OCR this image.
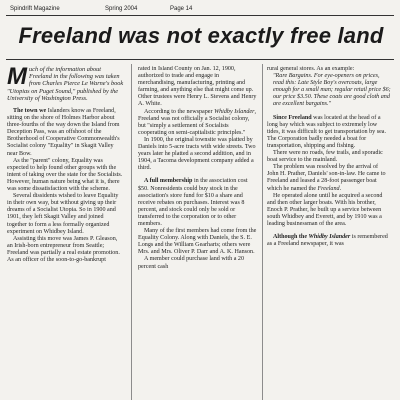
Spindrift Magazine	Spring 2004	Page 14
Freeland was not exactly free land

Much of the information about Freeland in the following was taken from Charles Pierce Le Warne's book "Utopias on Puget Sound," published by the University of Washington Press.

The town we Islanders know as Freeland, sitting on the shore of Holmes Harbor about three-fourths of the way down the Island from Deception Pass, was an offshoot of the Brotherhood of Cooperative Commonwealth's Socialist colony "Equality" in Skagit Valley near Bow.

As the "parent" colony, Equality was expected to help found other groups with the intent of taking over the state for the Socialists. However, human nature being what it is, there was some dissatisfaction with the scheme.

Several dissidents wished to leave Equality in their own way, but without giving up their dreams of a Socialist Utopia. So in 1900 and 1901, they left Skagit Valley and joined together to form a less formally organized experiment on Whidbey Island.

Assisting this move was James P. Gleason, an Irish-born entrepreneur from Seattle; Freeland was partially a real estate promotion. As an officer of the soon-to-go-bankrupt

rated in Island County on Jan. 12, 1900, authorized to trade and engage in merchandising, manufacturing, printing and farming, and anything else that might come up. Other trustees were Henry L. Stevens and Henry A. White.

According to the newspaper Whidby Islander, Freeland was not officially a Socialist colony, but "simply a settlement of Socialists cooperating on semi-capitalistic principles."

In 1900, the original townsite was platted by Daniels into 5-acre tracts with wide streets. Two years later he platted a second addition, and in 1904, a Tacoma development company added a third.

A full membership in the association cost $50. Nonresidents could buy stock in the association's store fund for $10 a share and receive rebates on purchases. Interest was 8 percent, and stock could only be sold or transferred to the corporation or to other members.

Many of the first members had come from the Equality Colony. Along with Daniels, the S. E. Longs and the William Gearharts; others were Mrs. and Mrs. Oliver P. Darr and A. K. Hanson.

A member could purchase land with a 20 percent cash

rural general stores. As an example:

"Rare Bargains. For eye-openers on prices, read this: Late Style Boy's overcoats, large enough for a small man; regular retail price $6; our price $3.50. These coats are good cloth and are excellent bargains."

Since Freeland was located at the head of a long bay which was subject to extremely low tides, it was difficult to get transportation by sea. The Corporation badly needed a boat for transportation, shipping and fishing.

There were no roads, few trails, and sporadic boat service to the mainland.

The problem was resolved by the arrival of John H. Prather, Daniels' son-in-law. He came to Freeland and leased a 28-foot passenger boat which he named the Freeland.

He operated alone until he acquired a second and then other larger boats. With his brother, Enoch P. Prather, he built up a service between south Whidbey and Everett, and by 1910 was a leading businessman of the area.

Although the Whidby Islander is remembered as a Freeland newspaper, it was
